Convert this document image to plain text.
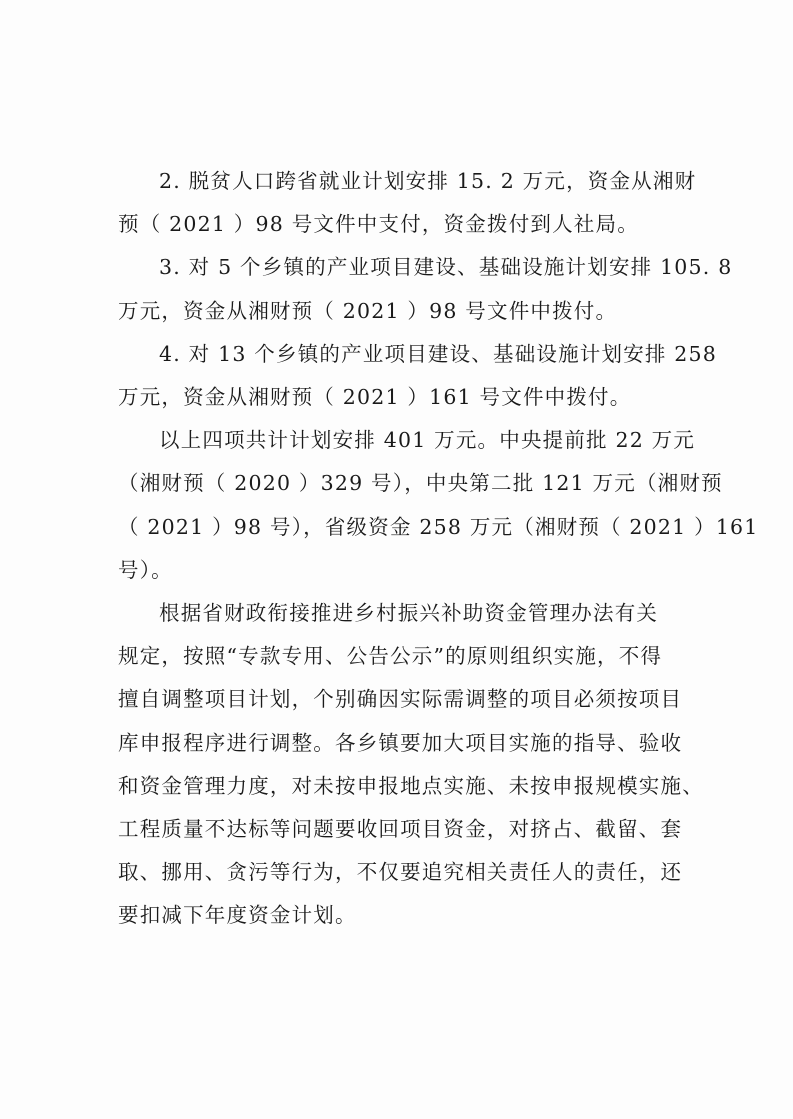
2. 脱贫人口跨省就业计划安排 15. 2 万元，资金从湘财
预（ 2021 ）98 号文件中支付，资金拨付到人社局。

3. 对 5 个乡镇的产业项目建设、基础设施计划安排 105. 8
万元，资金从湘财预（ 2021 ）98 号文件中拨付。

4. 对 13 个乡镇的产业项目建设、基础设施计划安排 258
万元，资金从湘财预（ 2021 ）161 号文件中拨付。

以上四项共计计划安排 401 万元。中央提前批 22 万元
（湘财预（ 2020 ）329 号），中央第二批 121 万元（湘财预
（ 2021 ）98 号），省级资金 258 万元（湘财预（ 2021 ）161
号）。

根据省财政衔接推进乡村振兴补助资金管理办法有关
规定，按照“专款专用、公告公示”的原则组织实施，不得
擅自调整项目计划，个别确因实际需调整的项目必须按项目
库申报程序进行调整。各乡镇要加大项目实施的指导、验收
和资金管理力度，对未按申报地点实施、未按申报规模实施、
工程质量不达标等问题要收回项目资金，对挤占、截留、套
取、挪用、贪污等行为，不仅要追究相关责任人的责任，还
要扣减下年度资金计划。
